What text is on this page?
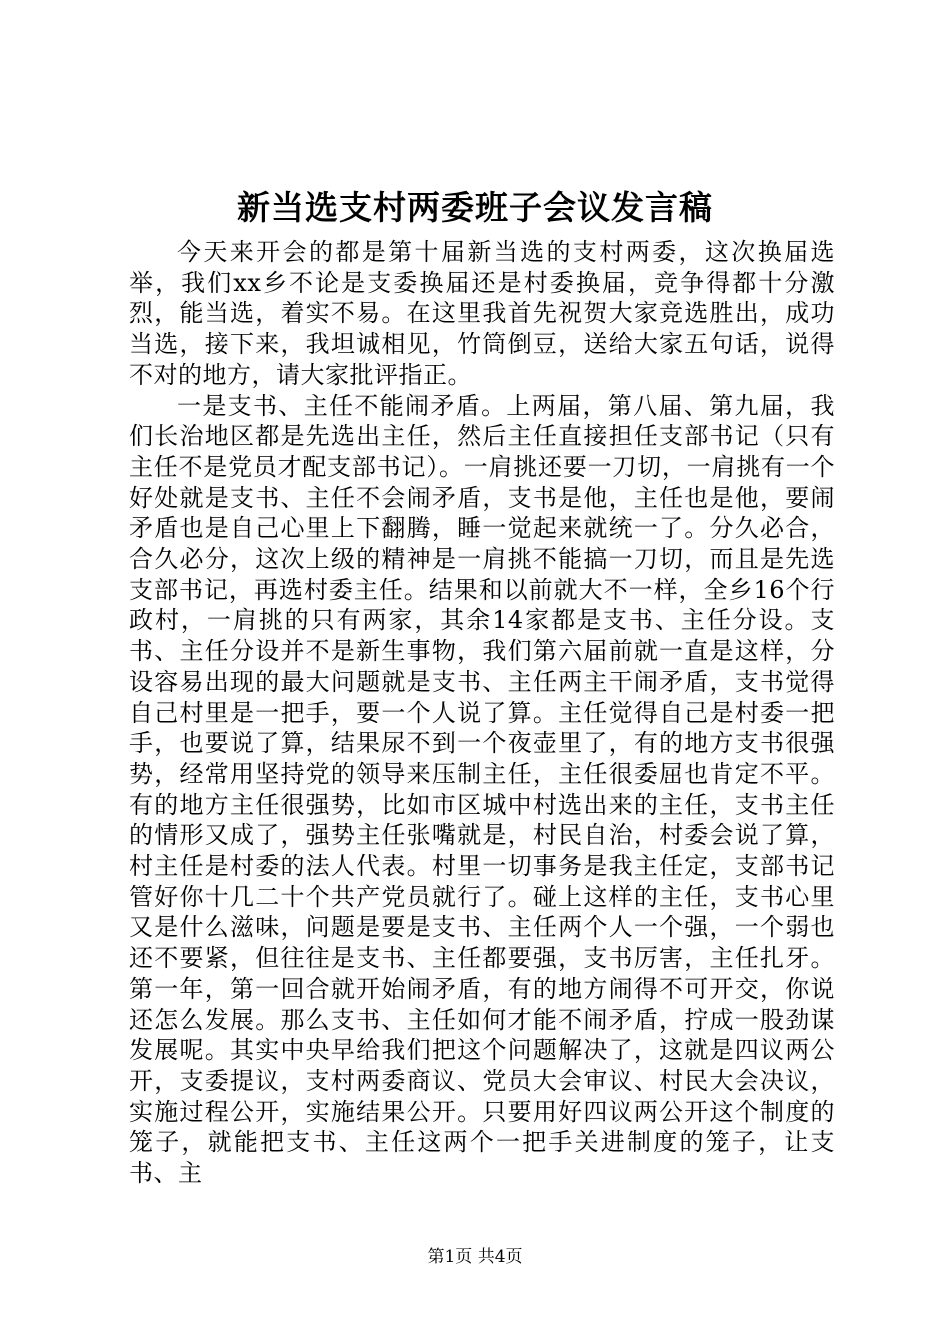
新当选支村两委班子会议发言稿

今天来开会的都是第十届新当选的支村两委，这次换届选举，我们xx乡不论是支委换届还是村委换届，竞争得都十分激烈，能当选，着实不易。在这里我首先祝贺大家竞选胜出，成功当选，接下来，我坦诚相见，竹筒倒豆，送给大家五句话，说得不对的地方，请大家批评指正。

一是支书、主任不能闹矛盾。上两届，第八届、第九届，我们长治地区都是先选出主任，然后主任直接担任支部书记（只有主任不是党员才配支部书记）。一肩挑还要一刀切，一肩挑有一个好处就是支书、主任不会闹矛盾，支书是他，主任也是他，要闹矛盾也是自己心里上下翻腾，睡一觉起来就统一了。分久必合，合久必分，这次上级的精神是一肩挑不能搞一刀切，而且是先选支部书记，再选村委主任。结果和以前就大不一样，全乡16个行政村，一肩挑的只有两家，其余14家都是支书、主任分设。支书、主任分设并不是新生事物，我们第六届前就一直是这样，分设容易出现的最大问题就是支书、主任两主干闹矛盾，支书觉得自己村里是一把手，要一个人说了算。主任觉得自己是村委一把手，也要说了算，结果尿不到一个夜壶里了，有的地方支书很强势，经常用坚持党的领导来压制主任，主任很委屈也肯定不平。有的地方主任很强势，比如市区城中村选出来的主任，支书主任的情形又成了，强势主任张嘴就是，村民自治，村委会说了算，村主任是村委的法人代表。村里一切事务是我主任定，支部书记管好你十几二十个共产党员就行了。碰上这样的主任，支书心里又是什么滋味，问题是要是支书、主任两个人一个强，一个弱也还不要紧，但往往是支书、主任都要强，支书厉害，主任扎牙。第一年，第一回合就开始闹矛盾，有的地方闹得不可开交，你说还怎么发展。那么支书、主任如何才能不闹矛盾，拧成一股劲谋发展呢。其实中央早给我们把这个问题解决了，这就是四议两公开，支委提议，支村两委商议、党员大会审议、村民大会决议，实施过程公开，实施结果公开。只要用好四议两公开这个制度的笼子，就能把支书、主任这两个一把手关进制度的笼子，让支书、主

第1页 共4页
